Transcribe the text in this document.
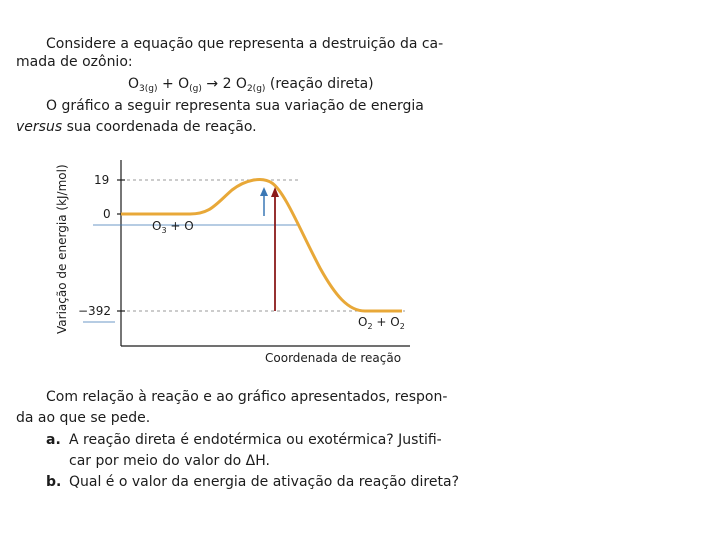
Considere a equação que representa a destruição da ca-
mada de ozônio:
$O_{3(g)} + O_{(g)} \to 2$ $O_{2(g)}$ (reação direta)
O gráfico a seguir representa sua variação de energia
versus sua coordenada de reação.
19
0
−392
Variação de energia (kJ/mol)
Coordenada de reação
$O_3 + O$
$O_2 + O_2$
Com relação à reação e ao gráfico apresentados, respon-
da ao que se pede.
a. A reação direta é endotérmica ou exotérmica? Justifi-
car por meio do valor do ΔH.
b. Qual é o valor da energia de ativação da reação direta?
